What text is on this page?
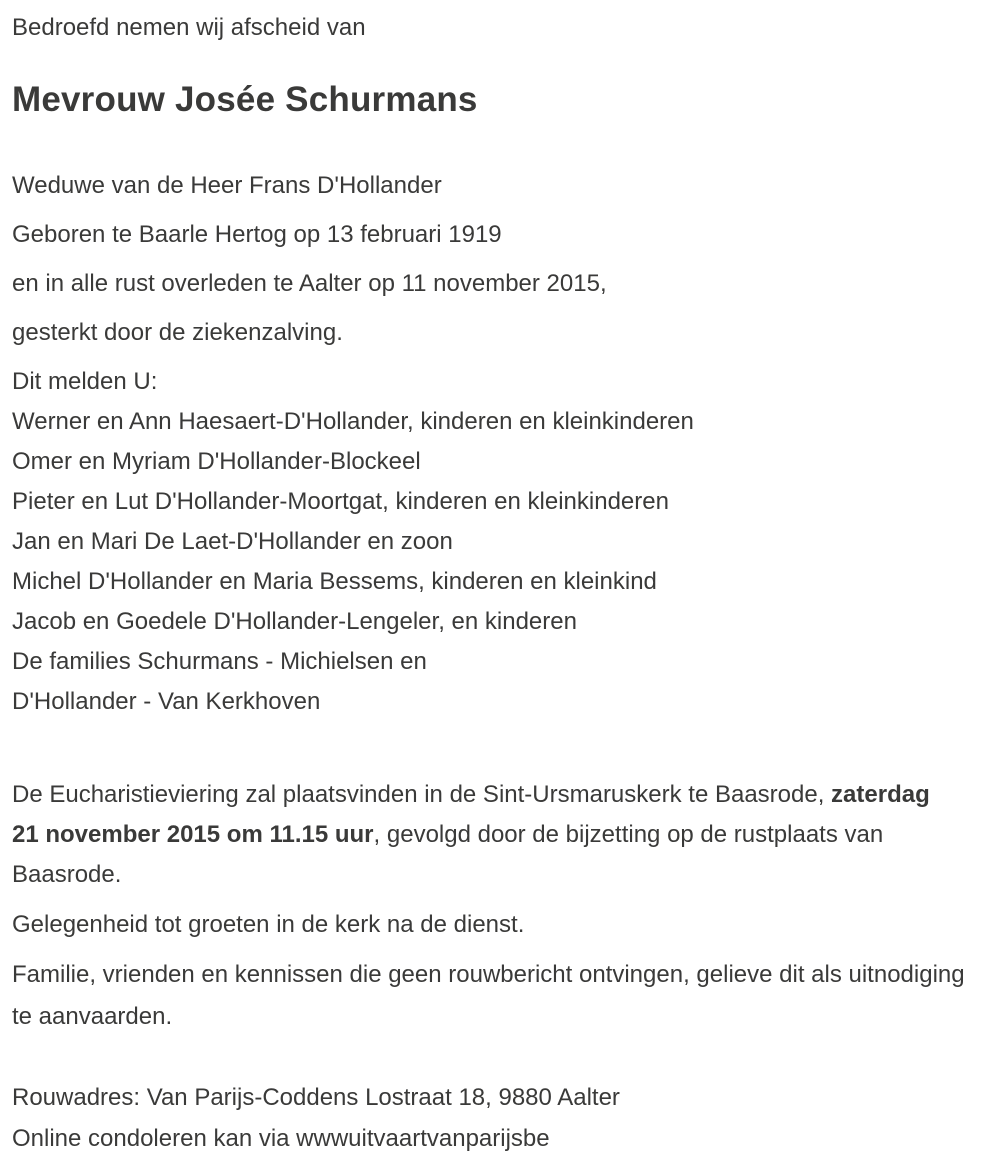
Bedroefd nemen wij afscheid van

Mevrouw Josée Schurmans

Weduwe van de Heer Frans D'Hollander

Geboren te Baarle Hertog op 13 februari 1919

en in alle rust overleden te Aalter op 11 november 2015,

gesterkt door de ziekenzalving.

Dit melden U:
Werner en Ann Haesaert-D'Hollander, kinderen en kleinkinderen
Omer en Myriam D'Hollander-Blockeel
Pieter en Lut D'Hollander-Moortgat, kinderen en kleinkinderen
Jan en Mari De Laet-D'Hollander en zoon
Michel D'Hollander en Maria Bessems, kinderen en kleinkind
Jacob en Goedele D'Hollander-Lengeler, en kinderen
De families Schurmans - Michielsen en
D'Hollander - Van Kerkhoven

De Eucharistieviering zal plaatsvinden in de Sint-Ursmaruskerk te Baasrode, zaterdag 21 november 2015 om 11.15 uur, gevolgd door de bijzetting op de rustplaats van Baasrode.

Gelegenheid tot groeten in de kerk na de dienst.

Familie, vrienden en kennissen die geen rouwbericht ontvingen, gelieve dit als uitnodiging te aanvaarden.

Rouwadres: Van Parijs-Coddens Lostraat 18, 9880 Aalter
Online condoleren kan via wwwuitvaartvanparijsbe
